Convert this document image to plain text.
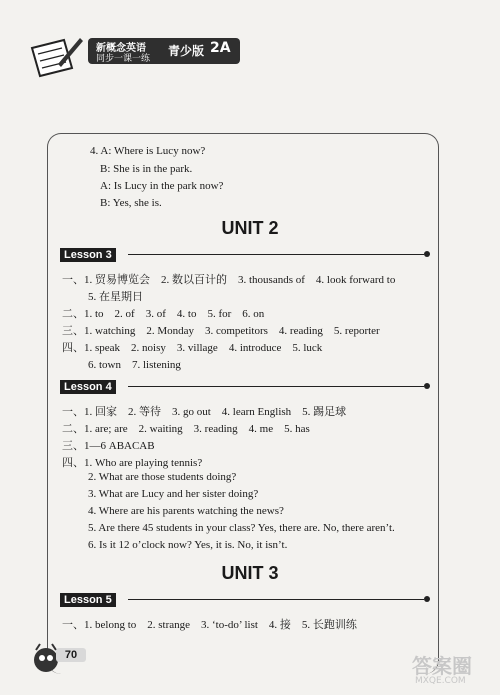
新概念英语
同步一课一练
青少版 2A
4. A: Where is Lucy now?
B: She is in the park.
A: Is Lucy in the park now?
B: Yes, she is.
UNIT 2
Lesson 3
一、1. 贸易博览会　2. 数以百计的　3. thousands of　4. look forward to
5. 在星期日
二、1. to　2. of　3. of　4. to　5. for　6. on
三、1. watching　2. Monday　3. competitors　4. reading　5. reporter
四、1. speak　2. noisy　3. village　4. introduce　5. luck
6. town　7. listening
Lesson 4
一、1. 回家　2. 等待　3. go out　4. learn English　5. 踢足球
二、1. are; are　2. waiting　3. reading　4. me　5. has
三、1—6 ABACAB
四、1. Who are playing tennis?
2. What are those students doing?
3. What are Lucy and her sister doing?
4. Where are his parents watching the news?
5. Are there 45 students in your class? Yes, there are. No, there aren’t.
6. Is it 12 o’clock now? Yes, it is. No, it isn’t.
UNIT 3
Lesson 5
一、1. belong to　2. strange　3. ‘to-do’ list　4. 接　5. 长跑训练
70	答案圈
MXQE.COM
